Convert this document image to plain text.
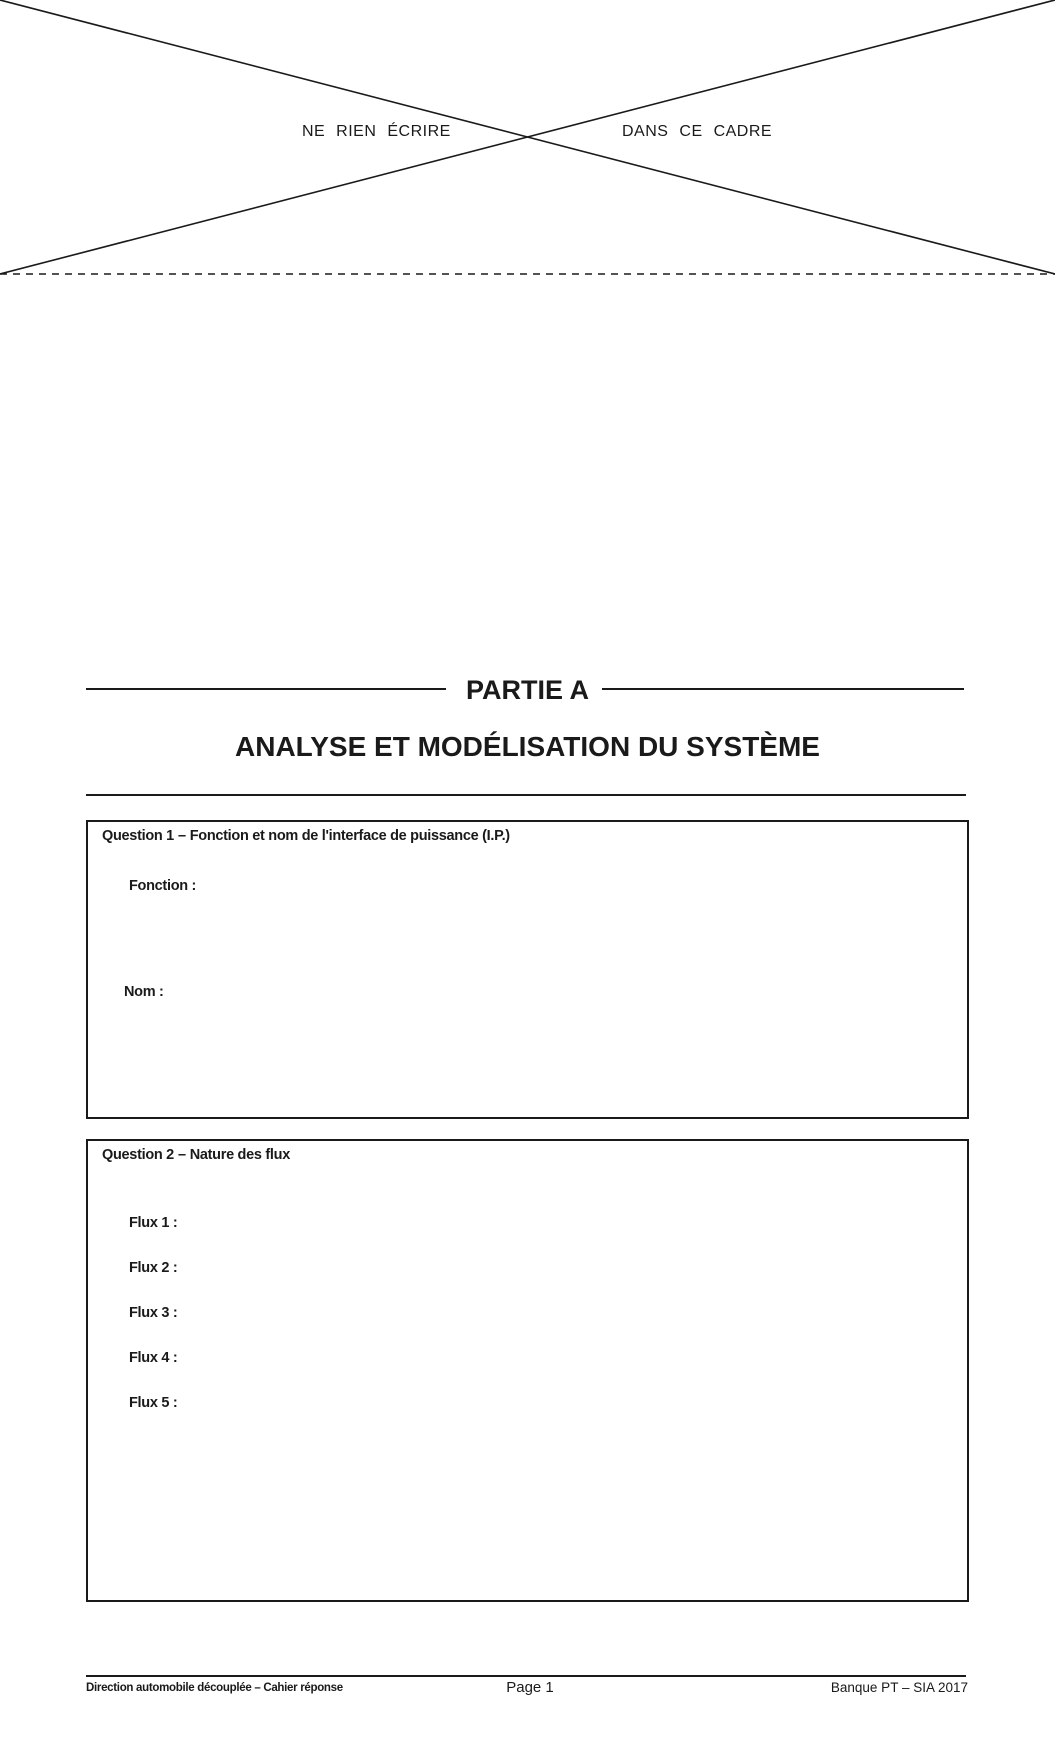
NE RIEN ÉCRIRE	DANS CE CADRE
PARTIE A
ANALYSE ET MODÉLISATION DU SYSTÈME
Question 1 – Fonction et nom de l'interface de puissance (I.P.)
Fonction :
Nom :
Question 2 – Nature des flux
Flux 1 :
Flux 2 :
Flux 3 :
Flux 4 :
Flux 5 :
Direction automobile découplée – Cahier réponse	Page 1	Banque PT – SIA 2017
